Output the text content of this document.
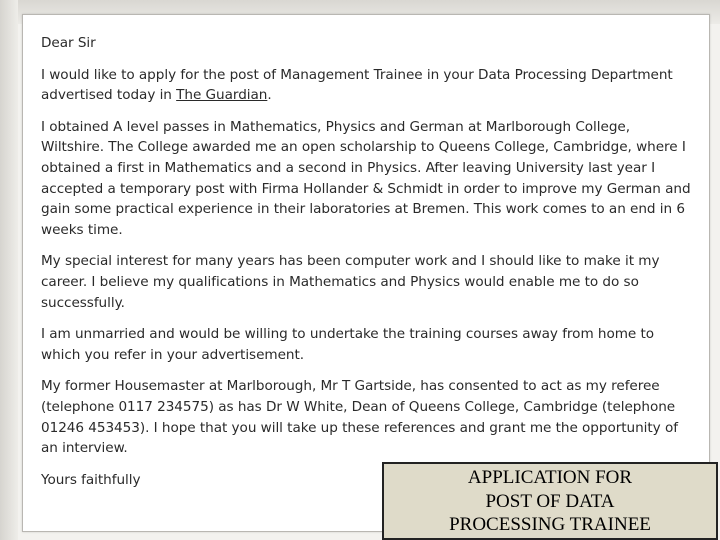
Dear Sir

I would like to apply for the post of Management Trainee in your Data Processing Department advertised today in The Guardian.

I obtained A level passes in Mathematics, Physics and German at Marlborough College, Wiltshire. The College awarded me an open scholarship to Queens College, Cambridge, where I obtained a first in Mathematics and a second in Physics. After leaving University last year I accepted a temporary post with Firma Hollander & Schmidt in order to improve my German and gain some practical experience in their laboratories at Bremen. This work comes to an end in 6 weeks time.

My special interest for many years has been computer work and I should like to make it my career. I believe my qualifications in Mathematics and Physics would enable me to do so successfully.

I am unmarried and would be willing to undertake the training courses away from home to which you refer in your advertisement.

My former Housemaster at Marlborough, Mr T Gartside, has consented to act as my referee (telephone 0117 234575) as has Dr W White, Dean of Queens College, Cambridge (telephone 01246 453453). I hope that you will take up these references and grant me the opportunity of an interview.

Yours faithfully	APPLICATION FOR
POST OF DATA
PROCESSING TRAINEE
